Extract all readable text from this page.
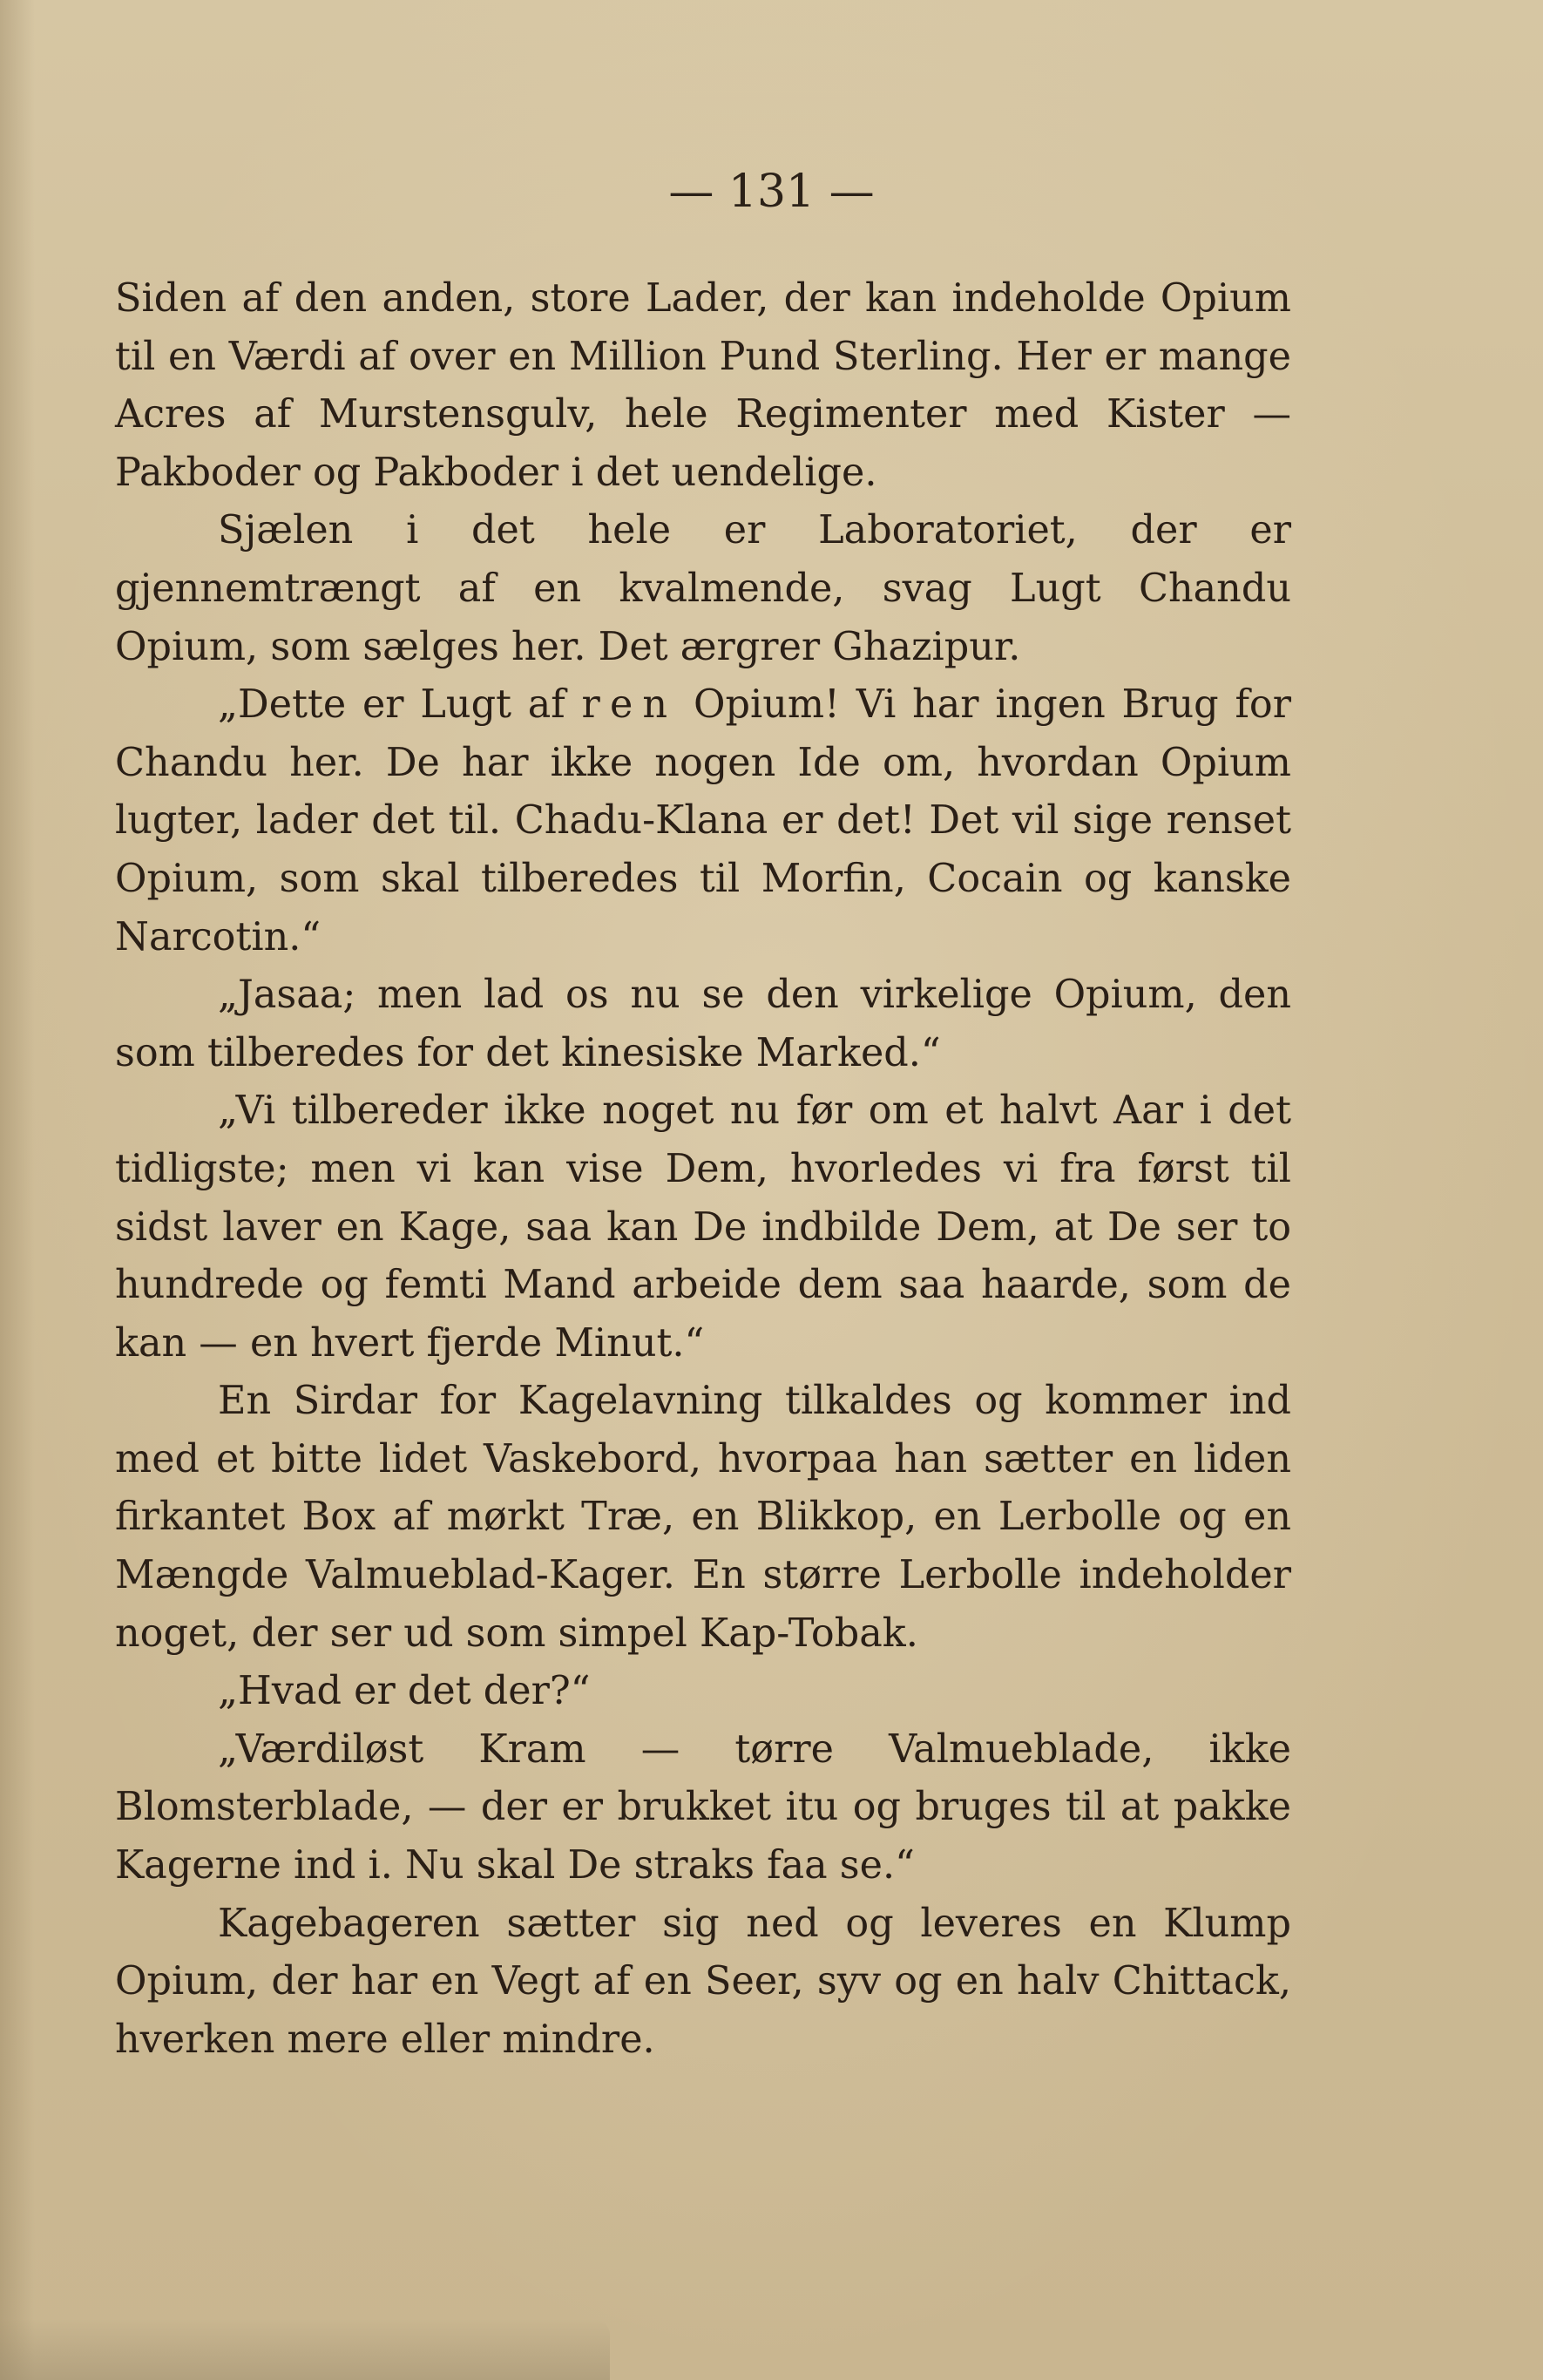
— 131 —

Siden af den anden, store Lader, der kan indeholde Opium til en Værdi af over en Million Pund Sterling. Her er mange Acres af Murstensgulv, hele Regimenter med Kister — Pakboder og Pakboder i det uendelige.

Sjælen i det hele er Laboratoriet, der er gjennemtrængt af en kvalmende, svag Lugt Chandu Opium, som sælges her. Det ærgrer Ghazipur.

„Dette er Lugt af ren Opium! Vi har ingen Brug for Chandu her. De har ikke nogen Ide om, hvordan Opium lugter, lader det til. Chadu-Klana er det! Det vil sige renset Opium, som skal tilberedes til Morfin, Cocain og kanske Narcotin.“

„Jasaa; men lad os nu se den virkelige Opium, den som tilberedes for det kinesiske Marked.“

„Vi tilbereder ikke noget nu før om et halvt Aar i det tidligste; men vi kan vise Dem, hvorledes vi fra først til sidst laver en Kage, saa kan De indbilde Dem, at De ser to hundrede og femti Mand arbeide dem saa haarde, som de kan — en hvert fjerde Minut.“

En Sirdar for Kagelavning tilkaldes og kommer ind med et bitte lidet Vaskebord, hvorpaa han sætter en liden firkantet Box af mørkt Træ, en Blikkop, en Lerbolle og en Mængde Valmueblad-Kager. En større Lerbolle indeholder noget, der ser ud som simpel Kap-Tobak.

„Hvad er det der?“

„Værdiløst Kram — tørre Valmueblade, ikke Blomsterblade, — der er brukket itu og bruges til at pakke Kagerne ind i. Nu skal De straks faa se.“

Kagebageren sætter sig ned og leveres en Klump Opium, der har en Vegt af en Seer, syv og en halv Chittack, hverken mere eller mindre.
